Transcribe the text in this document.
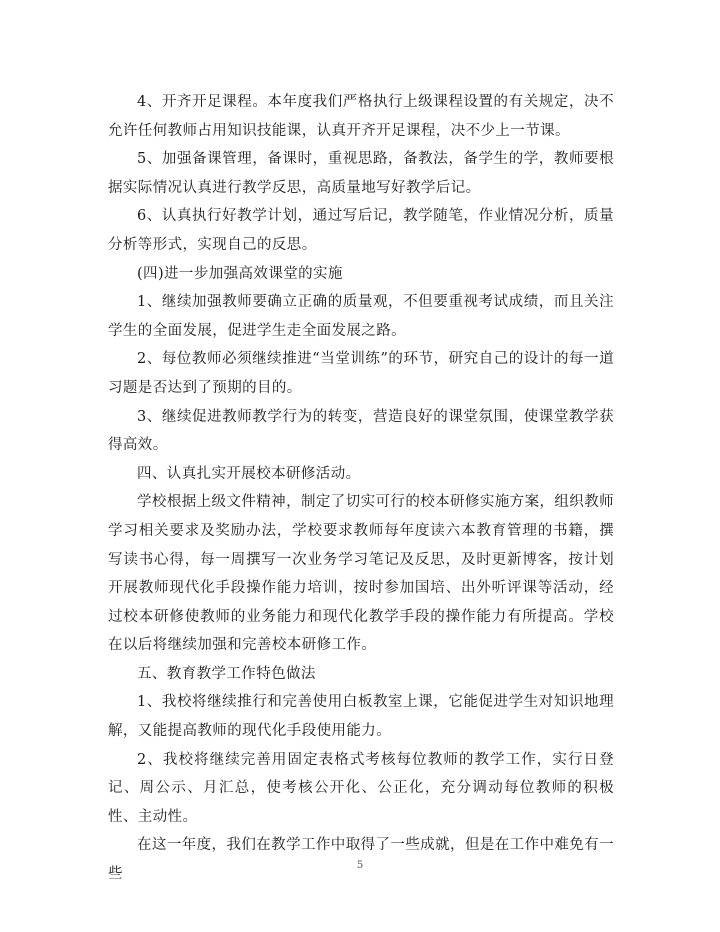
4、开齐开足课程。本年度我们严格执行上级课程设置的有关规定，决不允许任何教师占用知识技能课，认真开齐开足课程，决不少上一节课。

5、加强备课管理，备课时，重视思路，备教法，备学生的学，教师要根据实际情况认真进行教学反思，高质量地写好教学后记。

6、认真执行好教学计划，通过写后记，教学随笔，作业情况分析，质量分析等形式，实现自己的反思。

(四)进一步加强高效课堂的实施

1、继续加强教师要确立正确的质量观，不但要重视考试成绩，而且关注学生的全面发展，促进学生走全面发展之路。

2、每位教师必须继续推进“当堂训练”的环节，研究自己的设计的每一道习题是否达到了预期的目的。

3、继续促进教师教学行为的转变，营造良好的课堂氛围，使课堂教学获得高效。

四、认真扎实开展校本研修活动。

学校根据上级文件精神，制定了切实可行的校本研修实施方案，组织教师学习相关要求及奖励办法，学校要求教师每年度读六本教育管理的书籍，撰写读书心得，每一周撰写一次业务学习笔记及反思，及时更新博客，按计划开展教师现代化手段操作能力培训，按时参加国培、出外听评课等活动，经过校本研修使教师的业务能力和现代化教学手段的操作能力有所提高。学校在以后将继续加强和完善校本研修工作。

五、教育教学工作特色做法

1、我校将继续推行和完善使用白板教室上课，它能促进学生对知识地理解，又能提高教师的现代化手段使用能力。

2、我校将继续完善用固定表格式考核每位教师的教学工作，实行日登记、周公示、月汇总，使考核公开化、公正化，充分调动每位教师的积极性、主动性。

在这一年度，我们在教学工作中取得了一些成就，但是在工作中难免有一些

5
